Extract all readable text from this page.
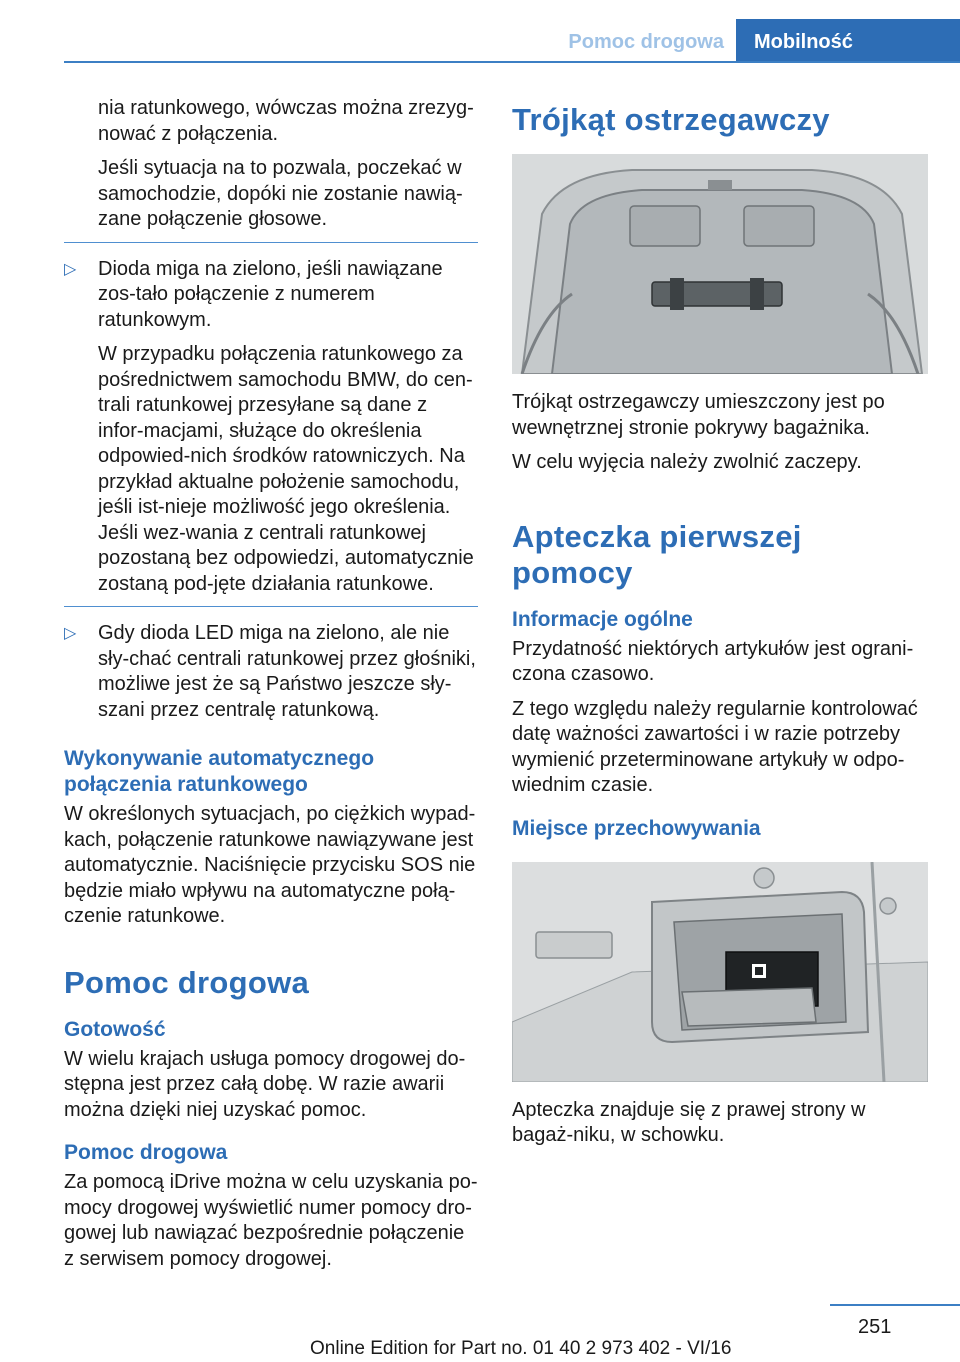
Pomoc drogowa	Mobilność

nia ratunkowego, wówczas można zrezyg‐nować z połączenia.

Jeśli sytuacja na to pozwala, poczekać w samochodzie, dopóki nie zostanie nawią‐zane połączenie głosowe.

▷ Dioda miga na zielono, jeśli nawiązane zos‐tało połączenie z numerem ratunkowym.

W przypadku połączenia ratunkowego za pośrednictwem samochodu BMW, do cen‐trali ratunkowej przesyłane są dane z infor‐macjami, służące do określenia odpowied‐nich środków ratowniczych. Na przykład aktualne położenie samochodu, jeśli ist‐nieje możliwość jego określenia. Jeśli wez‐wania z centrali ratunkowej pozostaną bez odpowiedzi, automatycznie zostaną pod‐jęte działania ratunkowe.

▷ Gdy dioda LED miga na zielono, ale nie sły‐chać centrali ratunkowej przez głośniki, możliwe jest że są Państwo jeszcze sły‐szani przez centralę ratunkową.

Wykonywanie automatycznego połączenia ratunkowego

W określonych sytuacjach, po ciężkich wypad‐kach, połączenie ratunkowe nawiązywane jest automatycznie. Naciśnięcie przycisku SOS nie będzie miało wpływu na automatyczne połą‐czenie ratunkowe.

Pomoc drogowa
Gotowość

W wielu krajach usługa pomocy drogowej do‐stępna jest przez całą dobę. W razie awarii można dzięki niej uzyskać pomoc.

Pomoc drogowa

Za pomocą iDrive można w celu uzyskania po‐mocy drogowej wyświetlić numer pomocy dro‐gowej lub nawiązać bezpośrednie połączenie z serwisem pomocy drogowej.

Trójkąt ostrzegawczy

Trójkąt ostrzegawczy umieszczony jest po wewnętrznej stronie pokrywy bagażnika.

W celu wyjęcia należy zwolnić zaczepy.

Apteczka pierwszej pomocy
Informacje ogólne

Przydatność niektórych artykułów jest ograni‐czona czasowo.

Z tego względu należy regularnie kontrolować datę ważności zawartości i w razie potrzeby wymienić przeterminowane artykuły w odpo‐wiednim czasie.

Miejsce przechowywania

Apteczka znajduje się z prawej strony w bagaż‐niku, w schowku.

251
Online Edition for Part no. 01 40 2 973 402 - VI/16
